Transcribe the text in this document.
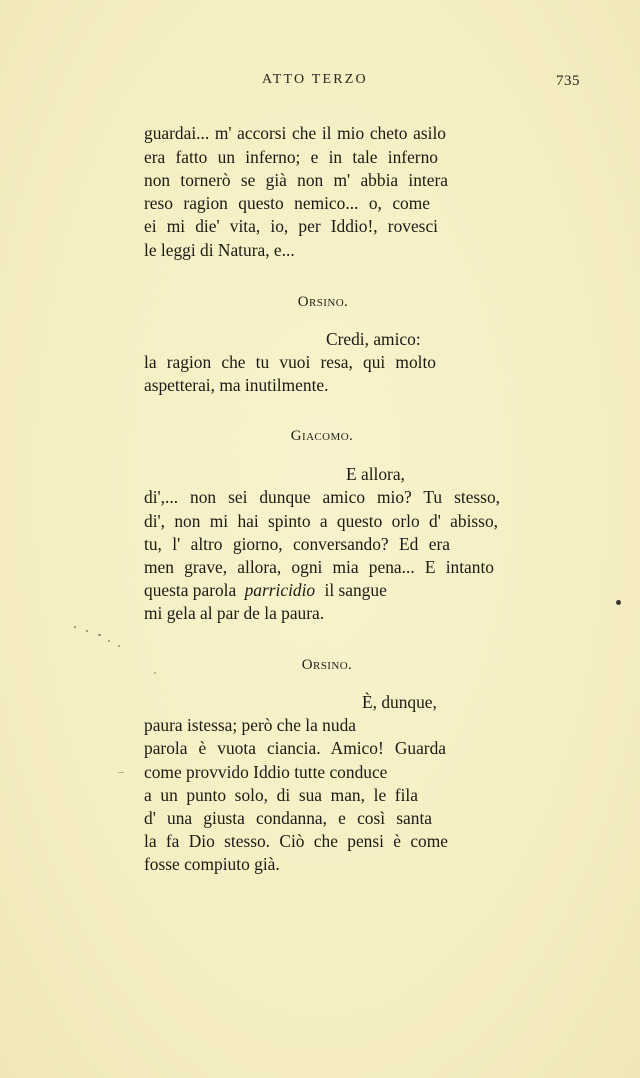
ATTO TERZO	735
guardai... m' accorsi che il mio cheto asilo
era fatto un inferno; e in tale inferno
non tornerò se già non m' abbia intera
reso ragion questo nemico... o, come
ei mi die' vita, io, per Iddio!, rovesci
le leggi di Natura, e...
Orsino.
Credi, amico:
la ragion che tu vuoi resa, qui molto
aspetterai, ma inutilmente.
Giacomo.
E allora,
di',... non sei dunque amico mio? Tu stesso,
di', non mi hai spinto a questo orlo d' abisso,
tu, l' altro giorno, conversando? Ed era
men grave, allora, ogni mia pena... E intanto
questa parola parricidio il sangue
mi gela al par de la paura.
Orsino.
È, dunque,
paura istessa; però che la nuda
parola è vuota ciancia. Amico! Guarda
come provvido Iddio tutte conduce
a un punto solo, di sua man, le fila
d' una giusta condanna, e così santa
la fa Dio stesso. Ciò che pensi è come
fosse compiuto già.
